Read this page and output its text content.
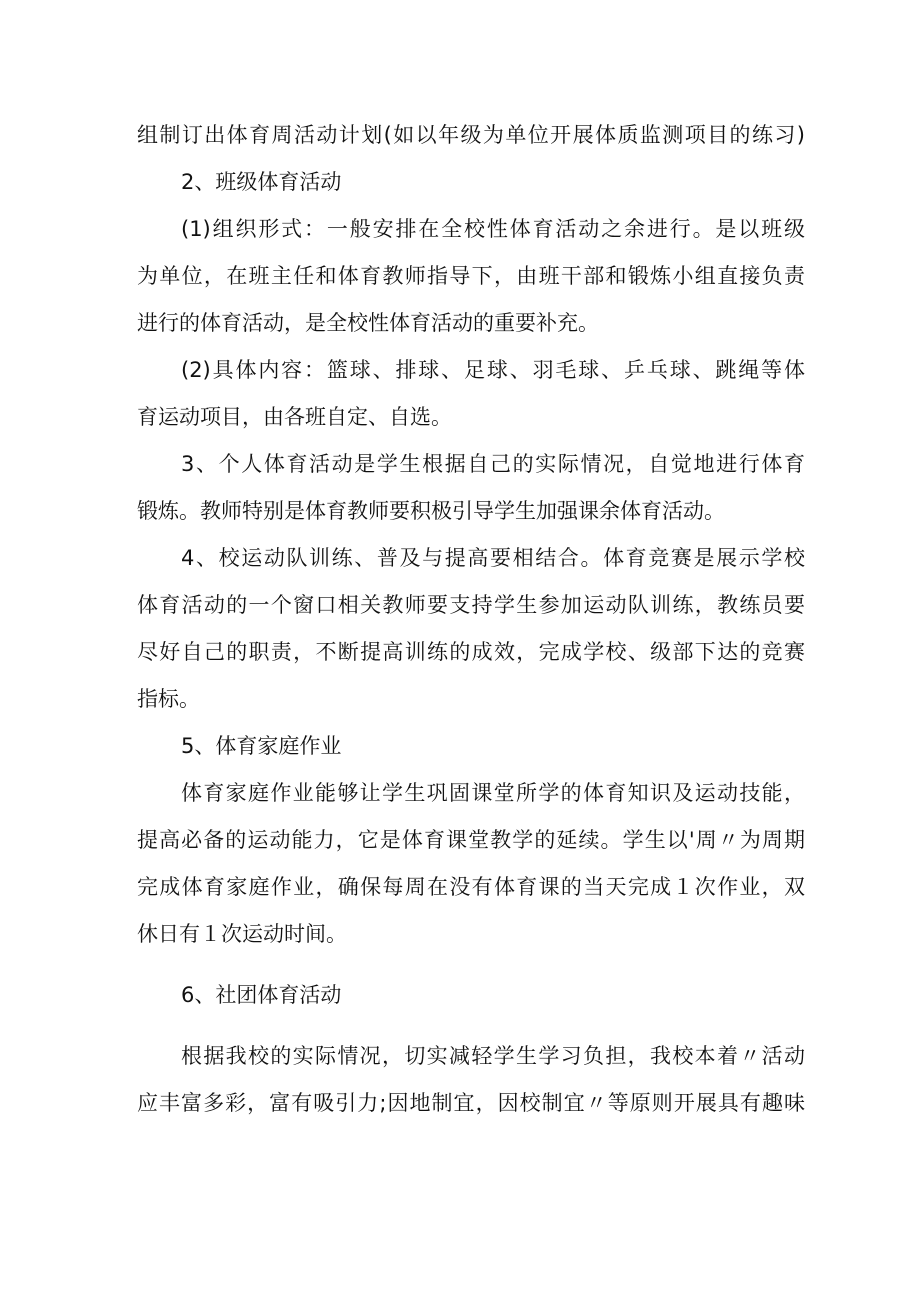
组制订出体育周活动计划(如以年级为单位开展体质监测项目的练习)
2、班级体育活动
(1)组织形式：一般安排在全校性体育活动之余进行。是以班级
为单位，在班主任和体育教师指导下，由班干部和锻炼小组直接负责
进行的体育活动，是全校性体育活动的重要补充。
(2)具体内容：篮球、排球、足球、羽毛球、乒乓球、跳绳等体
育运动项目，由各班自定、自选。
3、个人体育活动是学生根据自己的实际情况，自觉地进行体育
锻炼。教师特别是体育教师要积极引导学生加强课余体育活动。
4、校运动队训练、普及与提高要相结合。体育竞赛是展示学校
体育活动的一个窗口相关教师要支持学生参加运动队训练，教练员要
尽好自己的职责，不断提高训练的成效，完成学校、级部下达的竞赛
指标。
5、体育家庭作业
体育家庭作业能够让学生巩固课堂所学的体育知识及运动技能，
提高必备的运动能力，它是体育课堂教学的延续。学生以'周〃为周期
完成体育家庭作业，确保每周在没有体育课的当天完成１次作业，双
休日有１次运动时间。
6、社团体育活动
根据我校的实际情况，切实减轻学生学习负担，我校本着〃活动
应丰富多彩，富有吸引力;因地制宜，因校制宜〃等原则开展具有趣味
